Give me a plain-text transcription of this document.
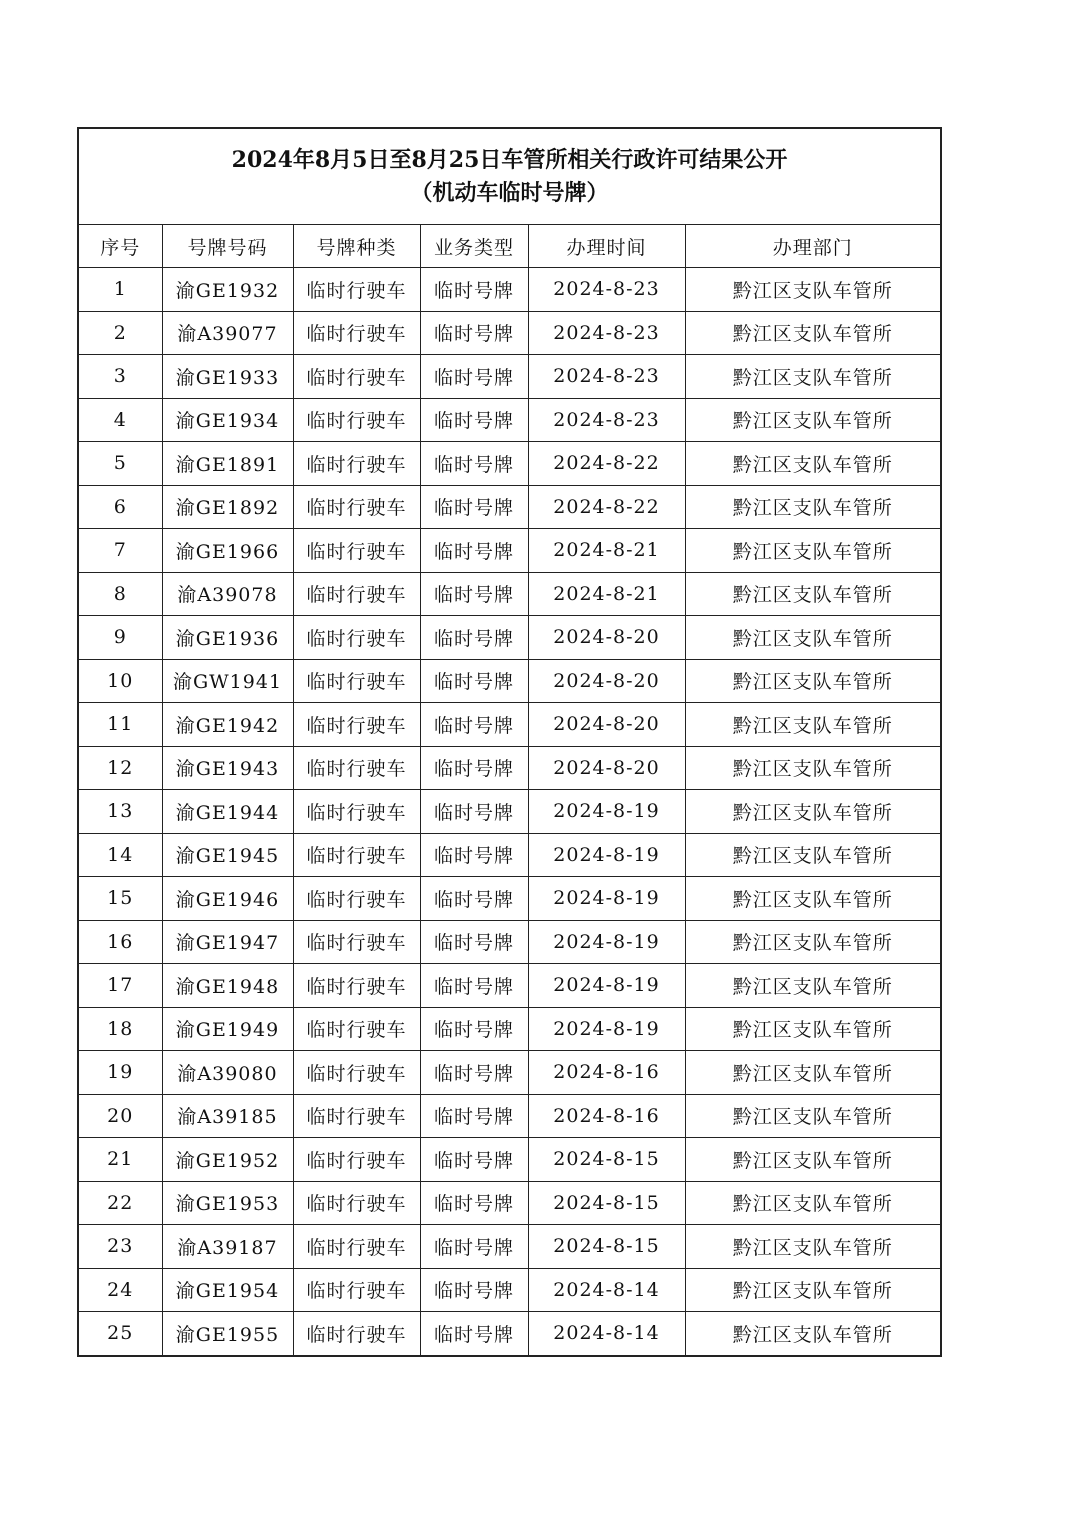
2024年8月5日至8月25日车管所相关行政许可结果公开
（机动车临时号牌）					

序号	号牌号码	号牌种类	业务类型	办理时间	办理部门
1	渝GE1932	临时行驶车	临时号牌	2024-8-23	黔江区支队车管所
2	渝A39077	临时行驶车	临时号牌	2024-8-23	黔江区支队车管所
3	渝GE1933	临时行驶车	临时号牌	2024-8-23	黔江区支队车管所
4	渝GE1934	临时行驶车	临时号牌	2024-8-23	黔江区支队车管所
5	渝GE1891	临时行驶车	临时号牌	2024-8-22	黔江区支队车管所
6	渝GE1892	临时行驶车	临时号牌	2024-8-22	黔江区支队车管所
7	渝GE1966	临时行驶车	临时号牌	2024-8-21	黔江区支队车管所
8	渝A39078	临时行驶车	临时号牌	2024-8-21	黔江区支队车管所
9	渝GE1936	临时行驶车	临时号牌	2024-8-20	黔江区支队车管所
10	渝GW1941	临时行驶车	临时号牌	2024-8-20	黔江区支队车管所
11	渝GE1942	临时行驶车	临时号牌	2024-8-20	黔江区支队车管所
12	渝GE1943	临时行驶车	临时号牌	2024-8-20	黔江区支队车管所
13	渝GE1944	临时行驶车	临时号牌	2024-8-19	黔江区支队车管所
14	渝GE1945	临时行驶车	临时号牌	2024-8-19	黔江区支队车管所
15	渝GE1946	临时行驶车	临时号牌	2024-8-19	黔江区支队车管所
16	渝GE1947	临时行驶车	临时号牌	2024-8-19	黔江区支队车管所
17	渝GE1948	临时行驶车	临时号牌	2024-8-19	黔江区支队车管所
18	渝GE1949	临时行驶车	临时号牌	2024-8-19	黔江区支队车管所
19	渝A39080	临时行驶车	临时号牌	2024-8-16	黔江区支队车管所
20	渝A39185	临时行驶车	临时号牌	2024-8-16	黔江区支队车管所
21	渝GE1952	临时行驶车	临时号牌	2024-8-15	黔江区支队车管所
22	渝GE1953	临时行驶车	临时号牌	2024-8-15	黔江区支队车管所
23	渝A39187	临时行驶车	临时号牌	2024-8-15	黔江区支队车管所
24	渝GE1954	临时行驶车	临时号牌	2024-8-14	黔江区支队车管所
25	渝GE1955	临时行驶车	临时号牌	2024-8-14	黔江区支队车管所
